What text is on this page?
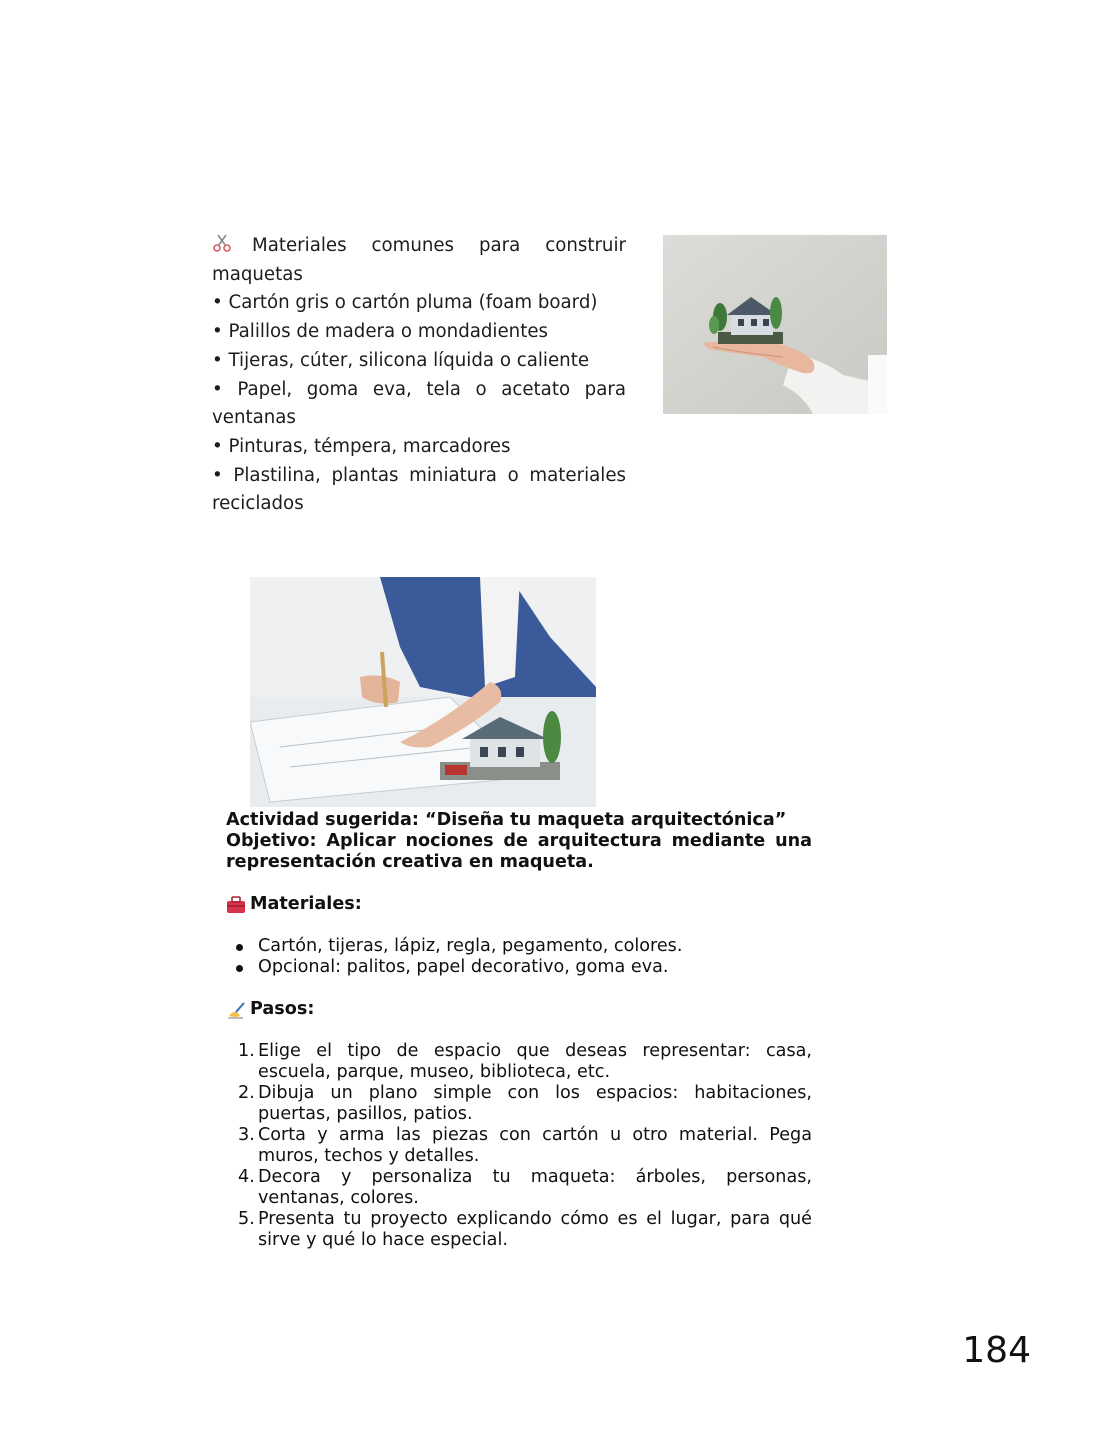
Materiales comunes para construir maquetas

• Cartón gris o cartón pluma (foam board)

• Palillos de madera o mondadientes

• Tijeras, cúter, silicona líquida o caliente

• Papel, goma eva, tela o acetato para ventanas

• Pinturas, témpera, marcadores

• Plastilina, plantas miniatura o materiales reciclados

Actividad sugerida: “Diseña tu maqueta arquitectónica”

Objetivo: Aplicar nociones de arquitectura mediante una representación creativa en maqueta.

Materiales:
Cartón, tijeras, lápiz, regla, pegamento, colores.
Opcional: palitos, papel decorativo, goma eva.
Pasos:
1. Elige el tipo de espacio que deseas representar: casa, escuela, parque, museo, biblioteca, etc.
2. Dibuja un plano simple con los espacios: habitaciones, puertas, pasillos, patios.
3. Corta y arma las piezas con cartón u otro material. Pega muros, techos y detalles.
4. Decora y personaliza tu maqueta: árboles, personas, ventanas, colores.
5. Presenta tu proyecto explicando cómo es el lugar, para qué sirve y qué lo hace especial.
184
